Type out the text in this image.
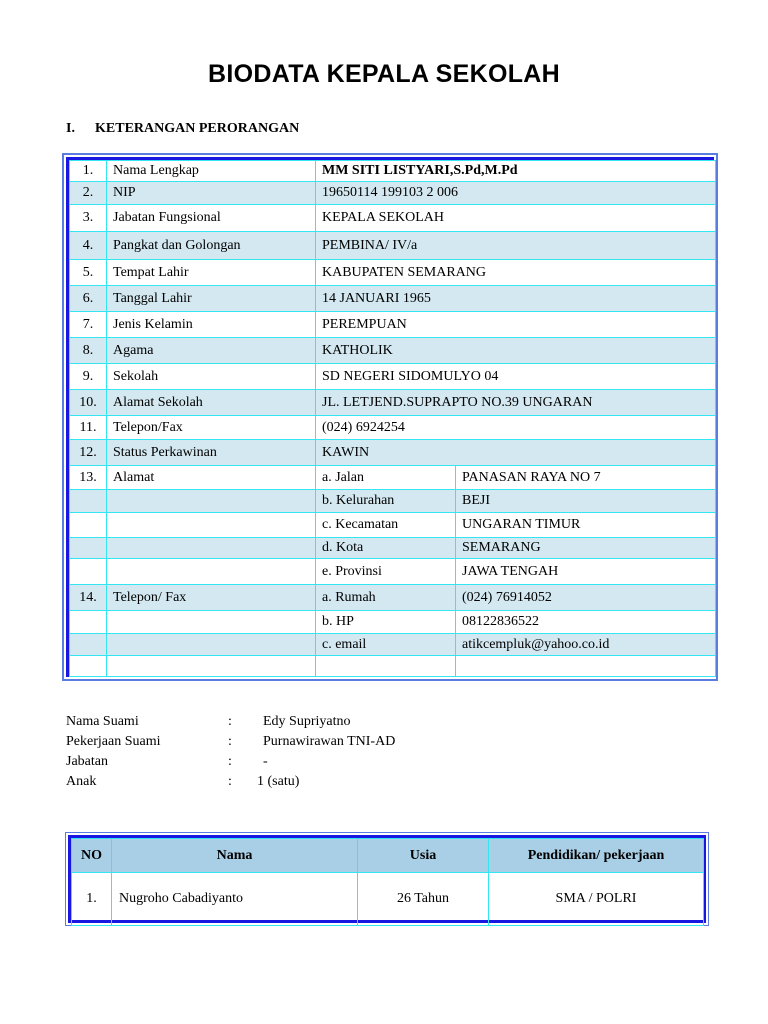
BIODATA KEPALA SEKOLAH
I. KETERANGAN PERORANGAN
1.	Nama Lengkap	MM SITI LISTYARI,S.Pd,M.Pd	
2.	NIP	19650114 199103 2 006	
3.	Jabatan Fungsional	KEPALA SEKOLAH	
4.	Pangkat dan Golongan	PEMBINA/ IV/a	
5.	Tempat Lahir	KABUPATEN SEMARANG	
6.	Tanggal Lahir	14 JANUARI 1965	
7.	Jenis Kelamin	PEREMPUAN	
8.	Agama	KATHOLIK	
9.	Sekolah	SD NEGERI SIDOMULYO 04	
10.	Alamat Sekolah	JL. LETJEND.SUPRAPTO NO.39 UNGARAN	
11.	Telepon/Fax	(024) 6924254	
12.	Status Perkawinan	KAWIN	
13.	Alamat	a. Jalan	PANASAN RAYA NO 7
		b. Kelurahan	BEJI
		c. Kecamatan	UNGARAN TIMUR
		d. Kota	SEMARANG
		e. Provinsi	JAWA TENGAH
14.	Telepon/ Fax	a. Rumah	(024) 76914052
		b. HP	08122836522
		c. email	atikcempluk@yahoo.co.id

Nama Suami	: Edy Supriyatno
Pekerjaan Suami	: Purnawirawan TNI-AD
Jabatan	: -
Anak	: 1 (satu)
NO	Nama	Usia	Pendidikan/ pekerjaan
1.	Nugroho Cabadiyanto	26 Tahun	SMA / POLRI
